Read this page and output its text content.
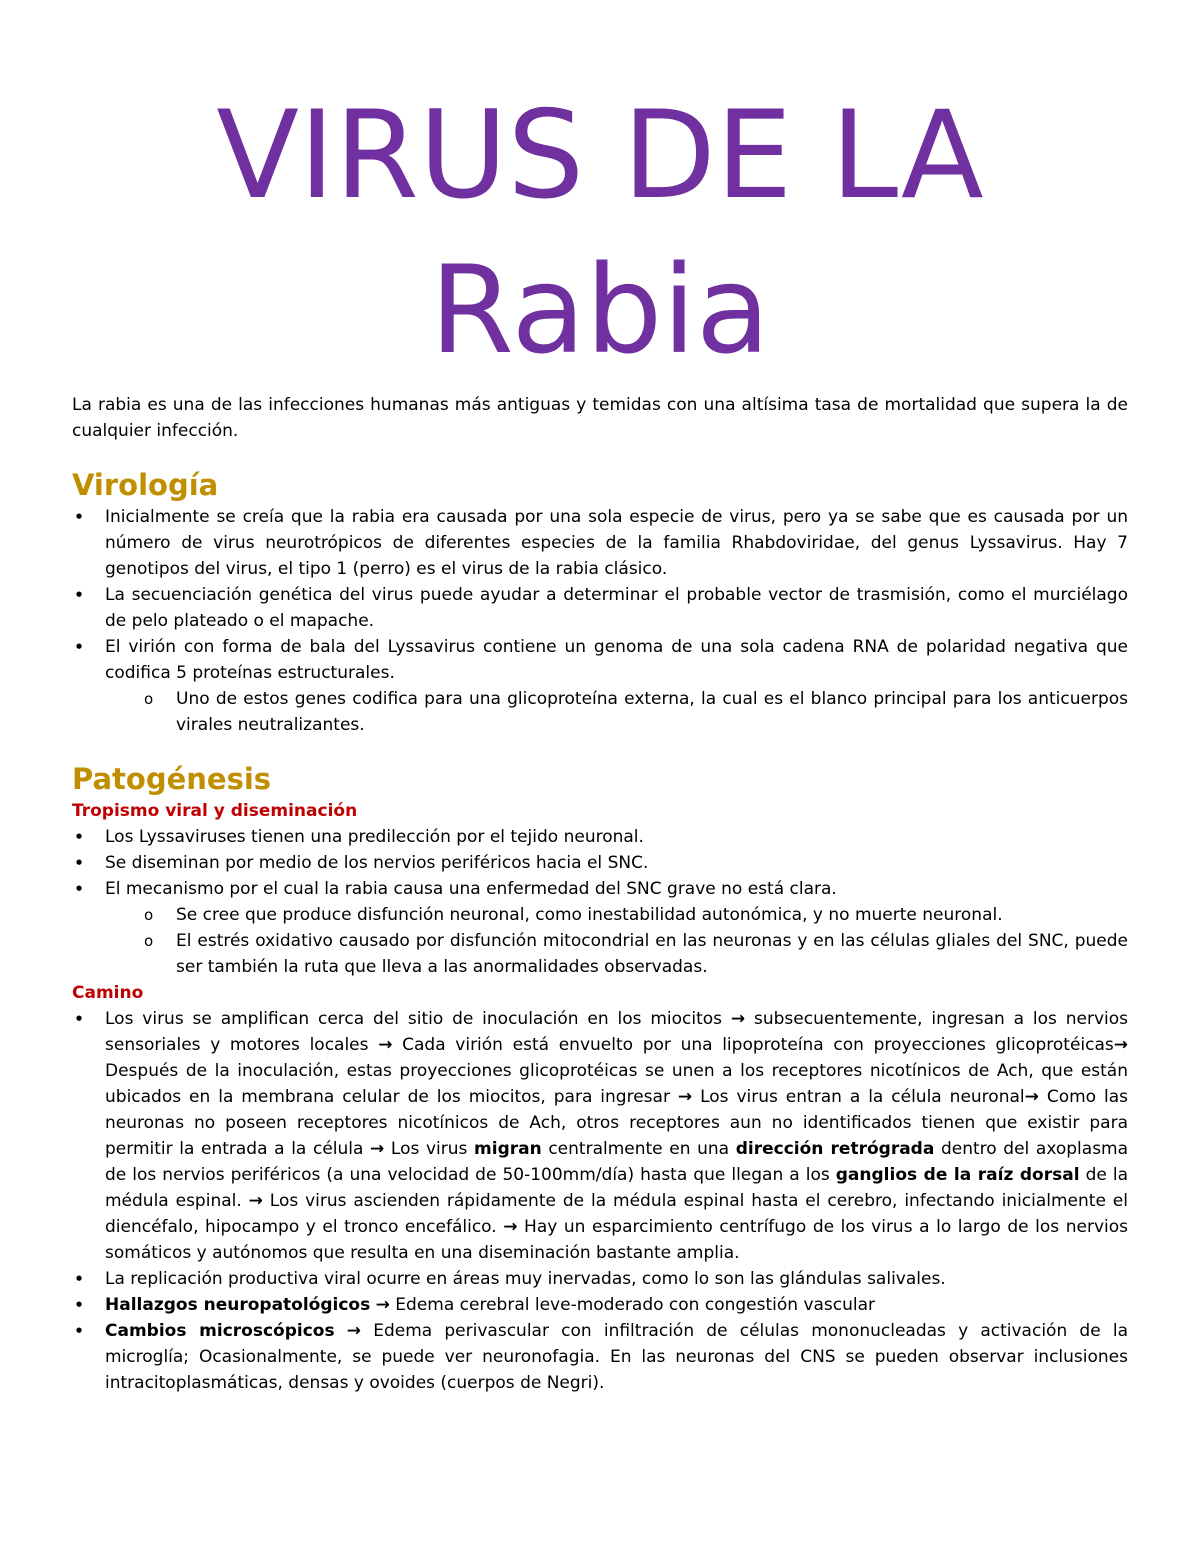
VIRUS DE LA Rabia

La rabia es una de las infecciones humanas más antiguas y temidas con una altísima tasa de mortalidad que supera la de cualquier infección.

Virología
• Inicialmente se creía que la rabia era causada por una sola especie de virus, pero ya se sabe que es causada por un número de virus neurotrópicos de diferentes especies de la familia Rhabdoviridae, del genus Lyssavirus. Hay 7 genotipos del virus, el tipo 1 (perro) es el virus de la rabia clásico.
• La secuenciación genética del virus puede ayudar a determinar el probable vector de trasmisión, como el murciélago de pelo plateado o el mapache.
• El virión con forma de bala del Lyssavirus contiene un genoma de una sola cadena RNA de polaridad negativa que codifica 5 proteínas estructurales.
o Uno de estos genes codifica para una glicoproteína externa, la cual es el blanco principal para los anticuerpos virales neutralizantes.
Patogénesis

Tropismo viral y diseminación

• Los Lyssaviruses tienen una predilección por el tejido neuronal.
• Se diseminan por medio de los nervios periféricos hacia el SNC.
• El mecanismo por el cual la rabia causa una enfermedad del SNC grave no está clara.
o Se cree que produce disfunción neuronal, como inestabilidad autonómica, y no muerte neuronal.
o El estrés oxidativo causado por disfunción mitocondrial en las neuronas y en las células gliales del SNC, puede ser también la ruta que lleva a las anormalidades observadas.

Camino

• Los virus se amplifican cerca del sitio de inoculación en los miocitos → subsecuentemente, ingresan a los nervios sensoriales y motores locales → Cada virión está envuelto por una lipoproteína con proyecciones glicoprotéicas→ Después de la inoculación, estas proyecciones glicoprotéicas se unen a los receptores nicotínicos de Ach, que están ubicados en la membrana celular de los miocitos, para ingresar → Los virus entran a la célula neuronal→ Como las neuronas no poseen receptores nicotínicos de Ach, otros receptores aun no identificados tienen que existir para permitir la entrada a la célula → Los virus migran centralmente en una dirección retrógrada dentro del axoplasma de los nervios periféricos (a una velocidad de 50-100mm/día) hasta que llegan a los ganglios de la raíz dorsal de la médula espinal. → Los virus ascienden rápidamente de la médula espinal hasta el cerebro, infectando inicialmente el diencéfalo, hipocampo y el tronco encefálico. → Hay un esparcimiento centrífugo de los virus a lo largo de los nervios somáticos y autónomos que resulta en una diseminación bastante amplia.
• La replicación productiva viral ocurre en áreas muy inervadas, como lo son las glándulas salivales.
• Hallazgos neuropatológicos → Edema cerebral leve-moderado con congestión vascular
• Cambios microscópicos → Edema perivascular con infiltración de células mononucleadas y activación de la microglía; Ocasionalmente, se puede ver neuronofagia. En las neuronas del CNS se pueden observar inclusiones intracitoplasmáticas, densas y ovoides (cuerpos de Negri).
